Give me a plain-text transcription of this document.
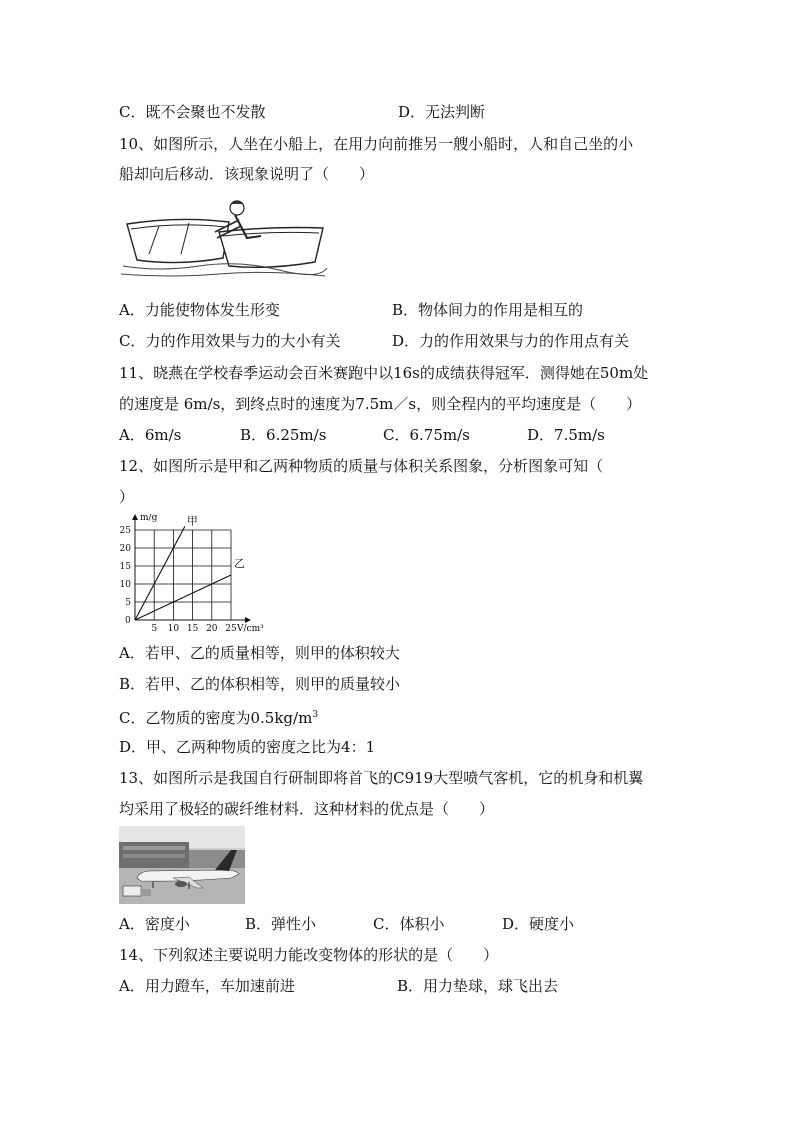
C．既不会聚也不发散	D．无法判断
10、如图所示，人坐在小船上，在用力向前推另一艘小船时，人和自己坐的小
船却向后移动．该现象说明了（　　）
A．力能使物体发生形变	B．物体间力的作用是相互的
C．力的作用效果与力的大小有关	D．力的作用效果与力的作用点有关
11、晓燕在学校春季运动会百米赛跑中以16s的成绩获得冠军．测得她在50m处
的速度是 6m/s，到终点时的速度为7.5m／s，则全程内的平均速度是（　　）
A．6m/s	B．6.25m/s	C．6.75m/s	D．7.5m/s
12、如图所示是甲和乙两种物质的质量与体积关系图象，分析图象可知（
）
m/g
V/cm³
0
5 10 15 20 25
5
10
15
20
25
甲
乙
A．若甲、乙的质量相等，则甲的体积较大
B．若甲、乙的体积相等，则甲的质量较小
C．乙物质的密度为$0.5kg/m^3$
D．甲、乙两种物质的密度之比为4：1
13、如图所示是我国自行研制即将首飞的C919大型喷气客机，它的机身和机翼
均采用了极轻的碳纤维材料．这种材料的优点是（　　）
A．密度小	B．弹性小	C．体积小	D．硬度小
14、下列叙述主要说明力能改变物体的形状的是（　　）
A．用力蹬车，车加速前进	B．用力垫球，球飞出去
